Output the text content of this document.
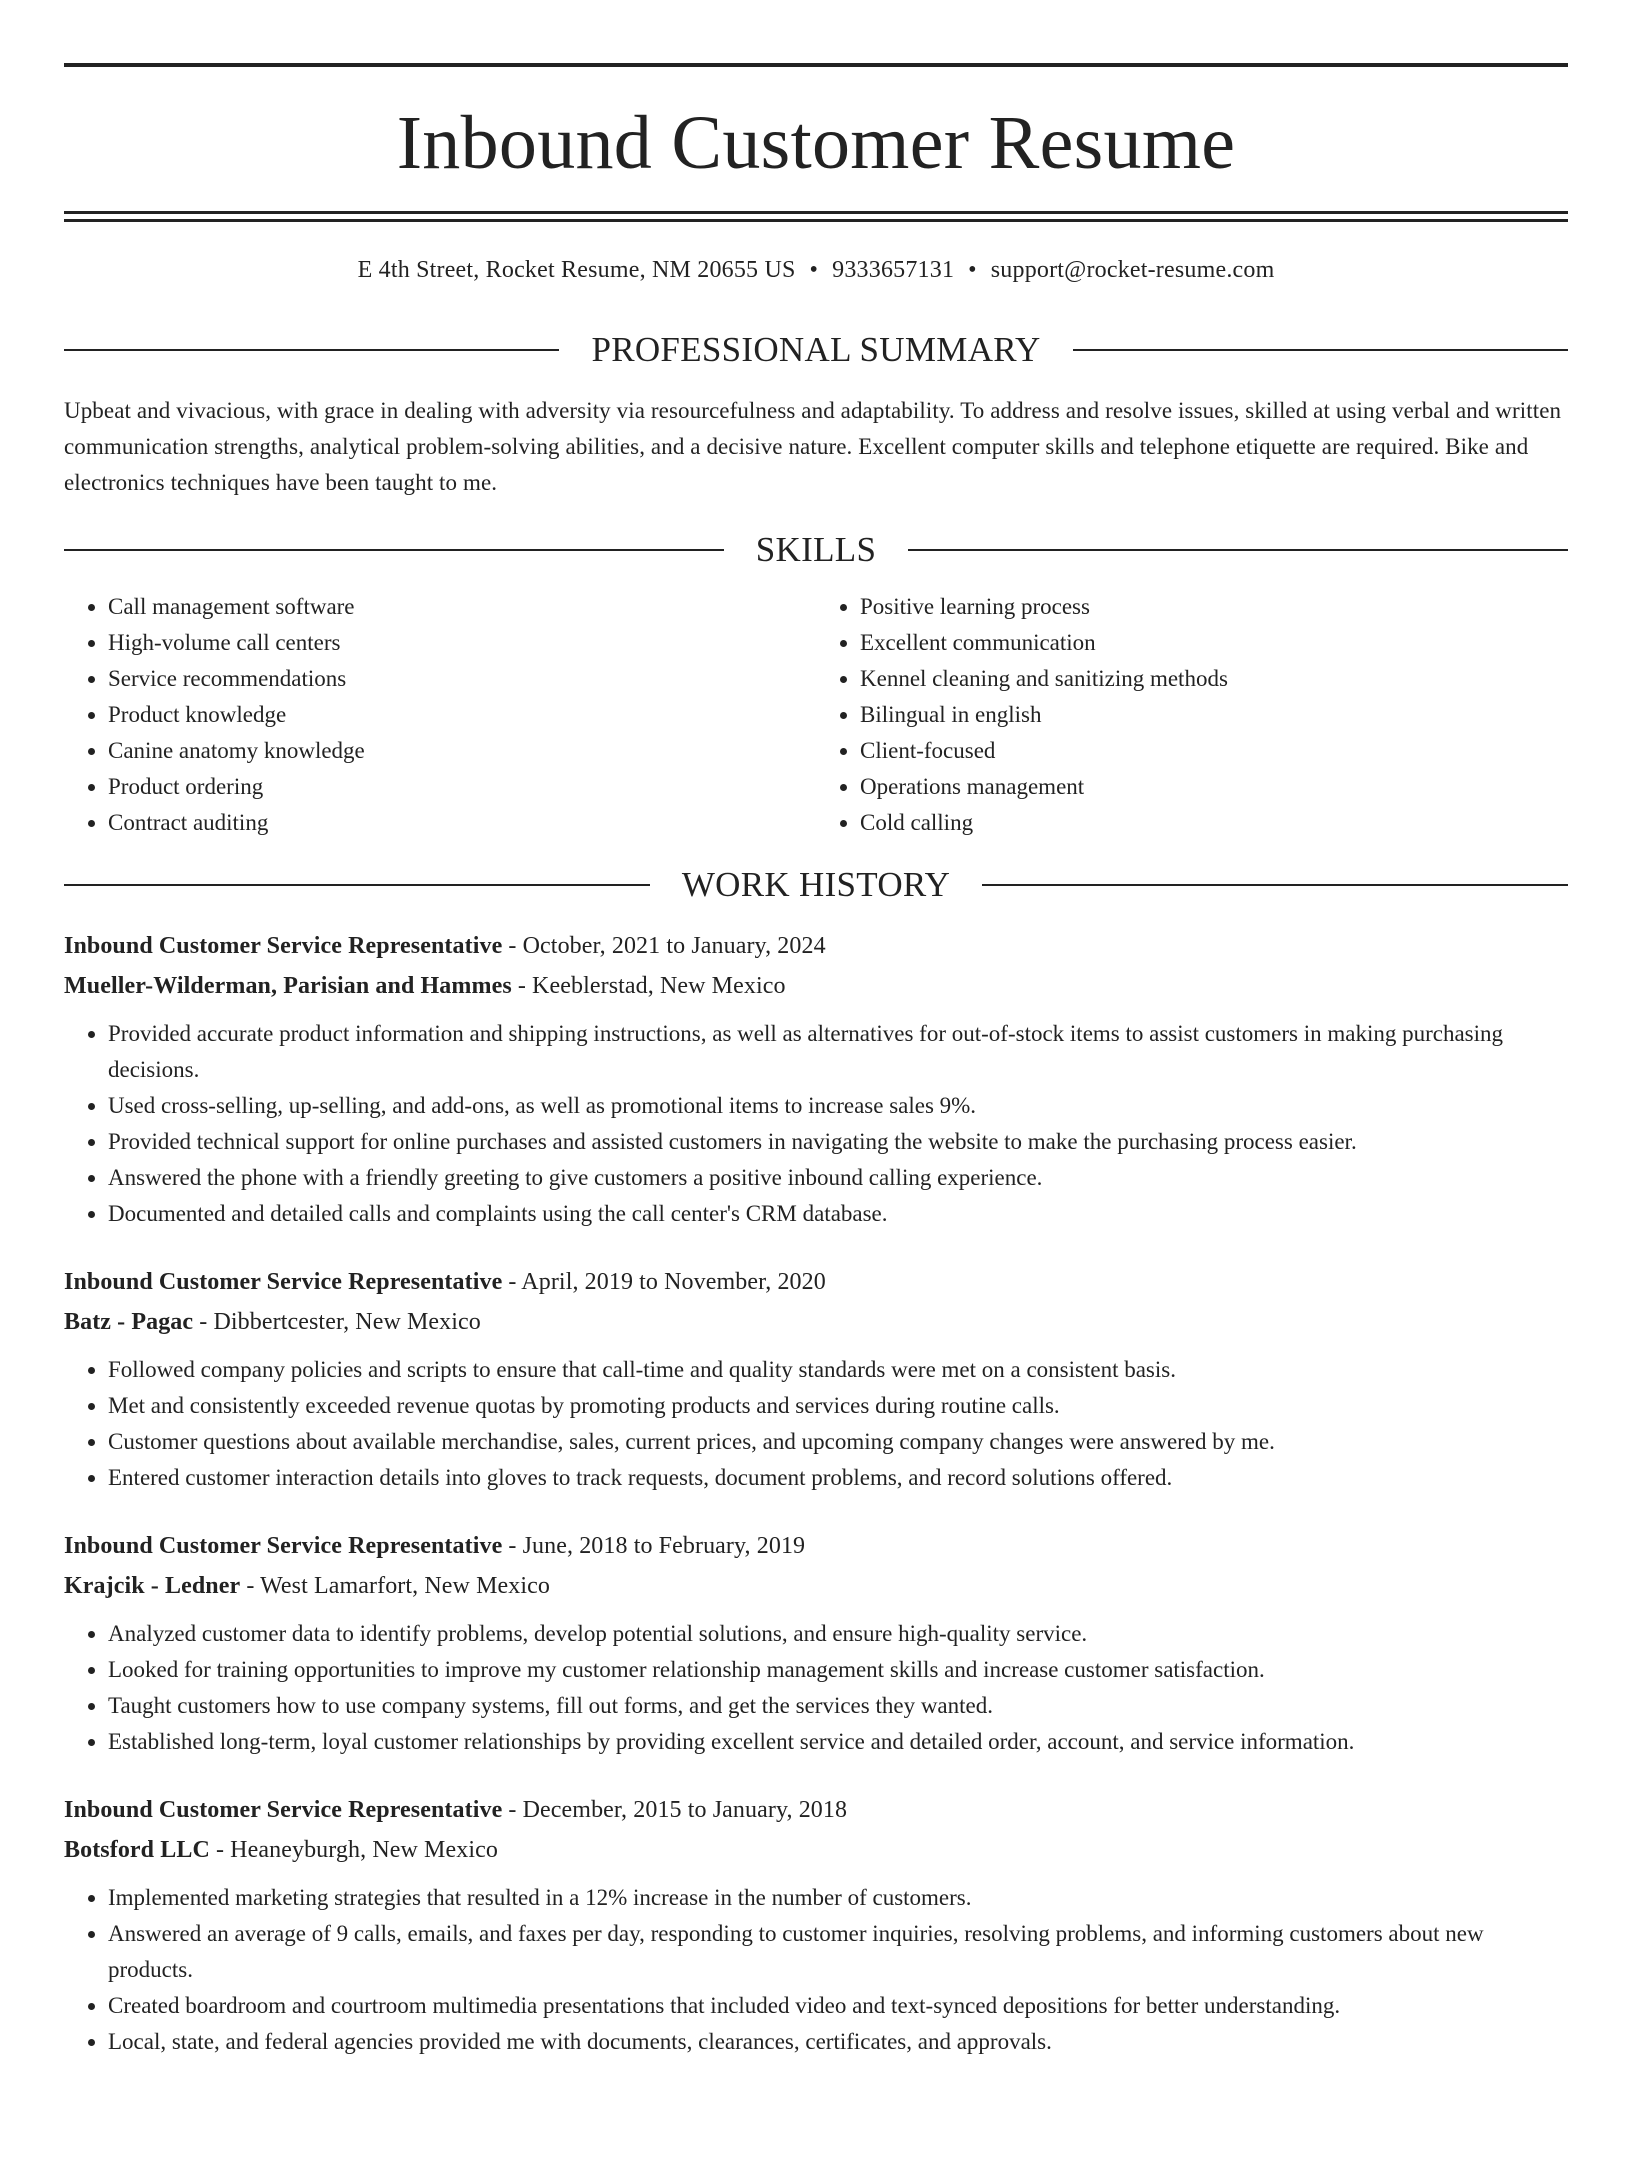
Inbound Customer Resume
E 4th Street, Rocket Resume, NM 20655 US • 9333657131 • support@rocket-resume.com
PROFESSIONAL SUMMARY
Upbeat and vivacious, with grace in dealing with adversity via resourcefulness and adaptability. To address and resolve issues, skilled at using verbal and written communication strengths, analytical problem-solving abilities, and a decisive nature. Excellent computer skills and telephone etiquette are required. Bike and electronics techniques have been taught to me.
SKILLS
• Call management software
• High-volume call centers
• Service recommendations
• Product knowledge
• Canine anatomy knowledge
• Product ordering
• Contract auditing
• Positive learning process
• Excellent communication
• Kennel cleaning and sanitizing methods
• Bilingual in english
• Client-focused
• Operations management
• Cold calling
WORK HISTORY
Inbound Customer Service Representative - October, 2021 to January, 2024
Mueller-Wilderman, Parisian and Hammes - Keeblerstad, New Mexico
• Provided accurate product information and shipping instructions, as well as alternatives for out-of-stock items to assist customers in making purchasing decisions.
• Used cross-selling, up-selling, and add-ons, as well as promotional items to increase sales 9%.
• Provided technical support for online purchases and assisted customers in navigating the website to make the purchasing process easier.
• Answered the phone with a friendly greeting to give customers a positive inbound calling experience.
• Documented and detailed calls and complaints using the call center's CRM database.
Inbound Customer Service Representative - April, 2019 to November, 2020
Batz - Pagac - Dibbertcester, New Mexico
• Followed company policies and scripts to ensure that call-time and quality standards were met on a consistent basis.
• Met and consistently exceeded revenue quotas by promoting products and services during routine calls.
• Customer questions about available merchandise, sales, current prices, and upcoming company changes were answered by me.
• Entered customer interaction details into gloves to track requests, document problems, and record solutions offered.
Inbound Customer Service Representative - June, 2018 to February, 2019
Krajcik - Ledner - West Lamarfort, New Mexico
• Analyzed customer data to identify problems, develop potential solutions, and ensure high-quality service.
• Looked for training opportunities to improve my customer relationship management skills and increase customer satisfaction.
• Taught customers how to use company systems, fill out forms, and get the services they wanted.
• Established long-term, loyal customer relationships by providing excellent service and detailed order, account, and service information.
Inbound Customer Service Representative - December, 2015 to January, 2018
Botsford LLC - Heaneyburgh, New Mexico
• Implemented marketing strategies that resulted in a 12% increase in the number of customers.
• Answered an average of 9 calls, emails, and faxes per day, responding to customer inquiries, resolving problems, and informing customers about new products.
• Created boardroom and courtroom multimedia presentations that included video and text-synced depositions for better understanding.
• Local, state, and federal agencies provided me with documents, clearances, certificates, and approvals.
